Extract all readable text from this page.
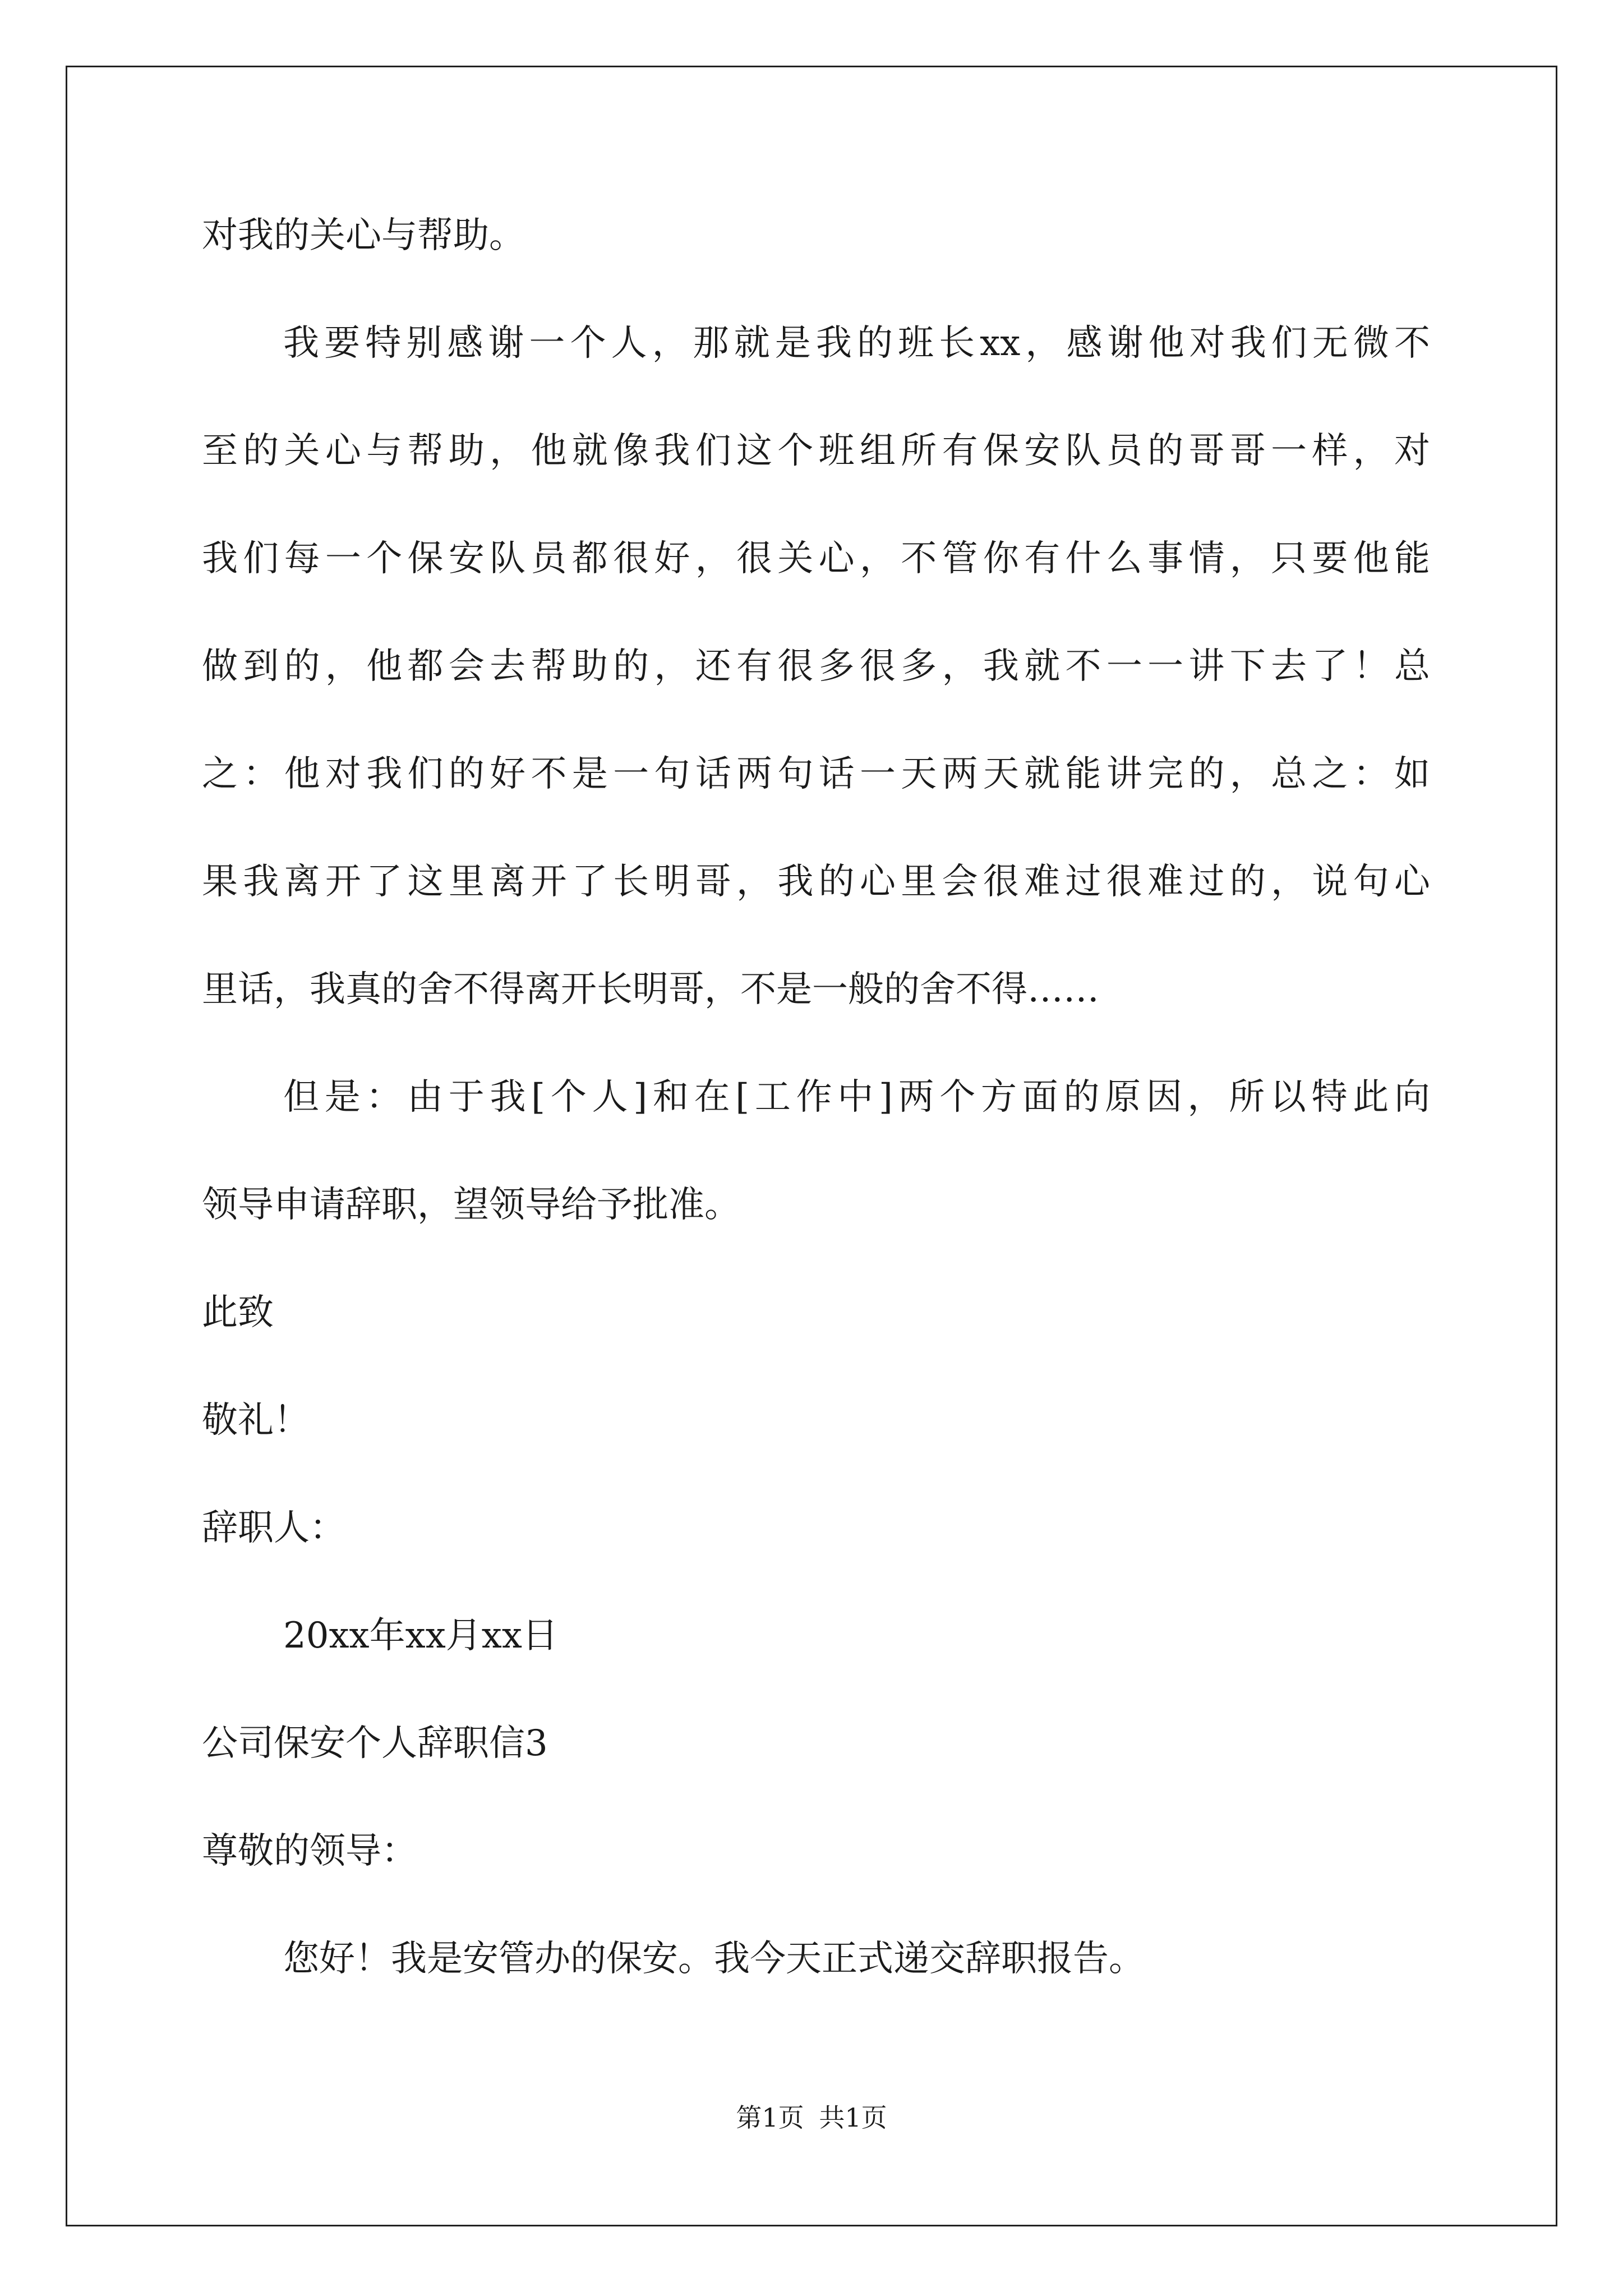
对我的关心与帮助。
我要特别感谢一个人，那就是我的班长xx，感谢他对我们无微不
至的关心与帮助，他就像我们这个班组所有保安队员的哥哥一样，对
我们每一个保安队员都很好，很关心，不管你有什么事情，只要他能
做到的，他都会去帮助的，还有很多很多，我就不一一讲下去了！总
之：他对我们的好不是一句话两句话一天两天就能讲完的，总之：如
果我离开了这里离开了长明哥，我的心里会很难过很难过的，说句心
里话，我真的舍不得离开长明哥，不是一般的舍不得……
但是：由于我[个人]和在[工作中]两个方面的原因，所以特此向
领导申请辞职，望领导给予批准。
此致
敬礼！
辞职人：
20xx年xx月xx日
公司保安个人辞职信3
尊敬的领导：
您好！我是安管办的保安。我今天正式递交辞职报告。
第1页 共1页
